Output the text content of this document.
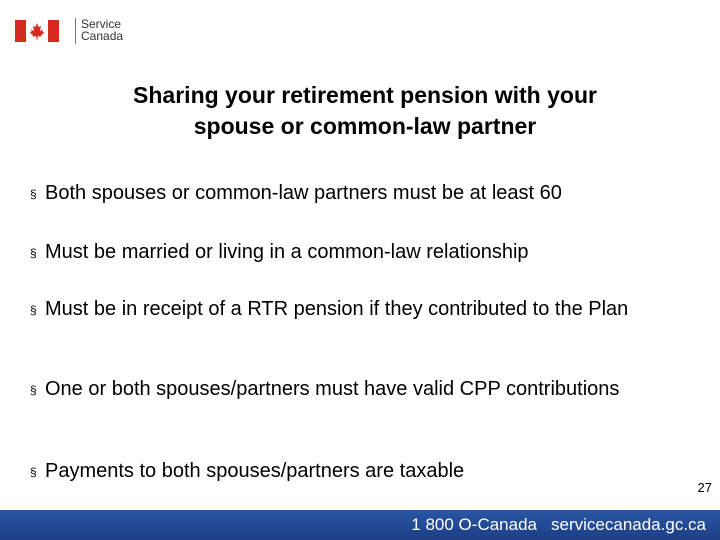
Service
Canada
Sharing your retirement pension with your
spouse or common-law partner
§ Both spouses or common-law partners must be at least 60
§ Must be married or living in a common-law relationship
§ Must be in receipt of a RTR pension if they contributed to the Plan
§ One or both spouses/partners must have valid CPP contributions
§ Payments to both spouses/partners are taxable
27
1 800 O-Canada servicecanada.gc.ca
